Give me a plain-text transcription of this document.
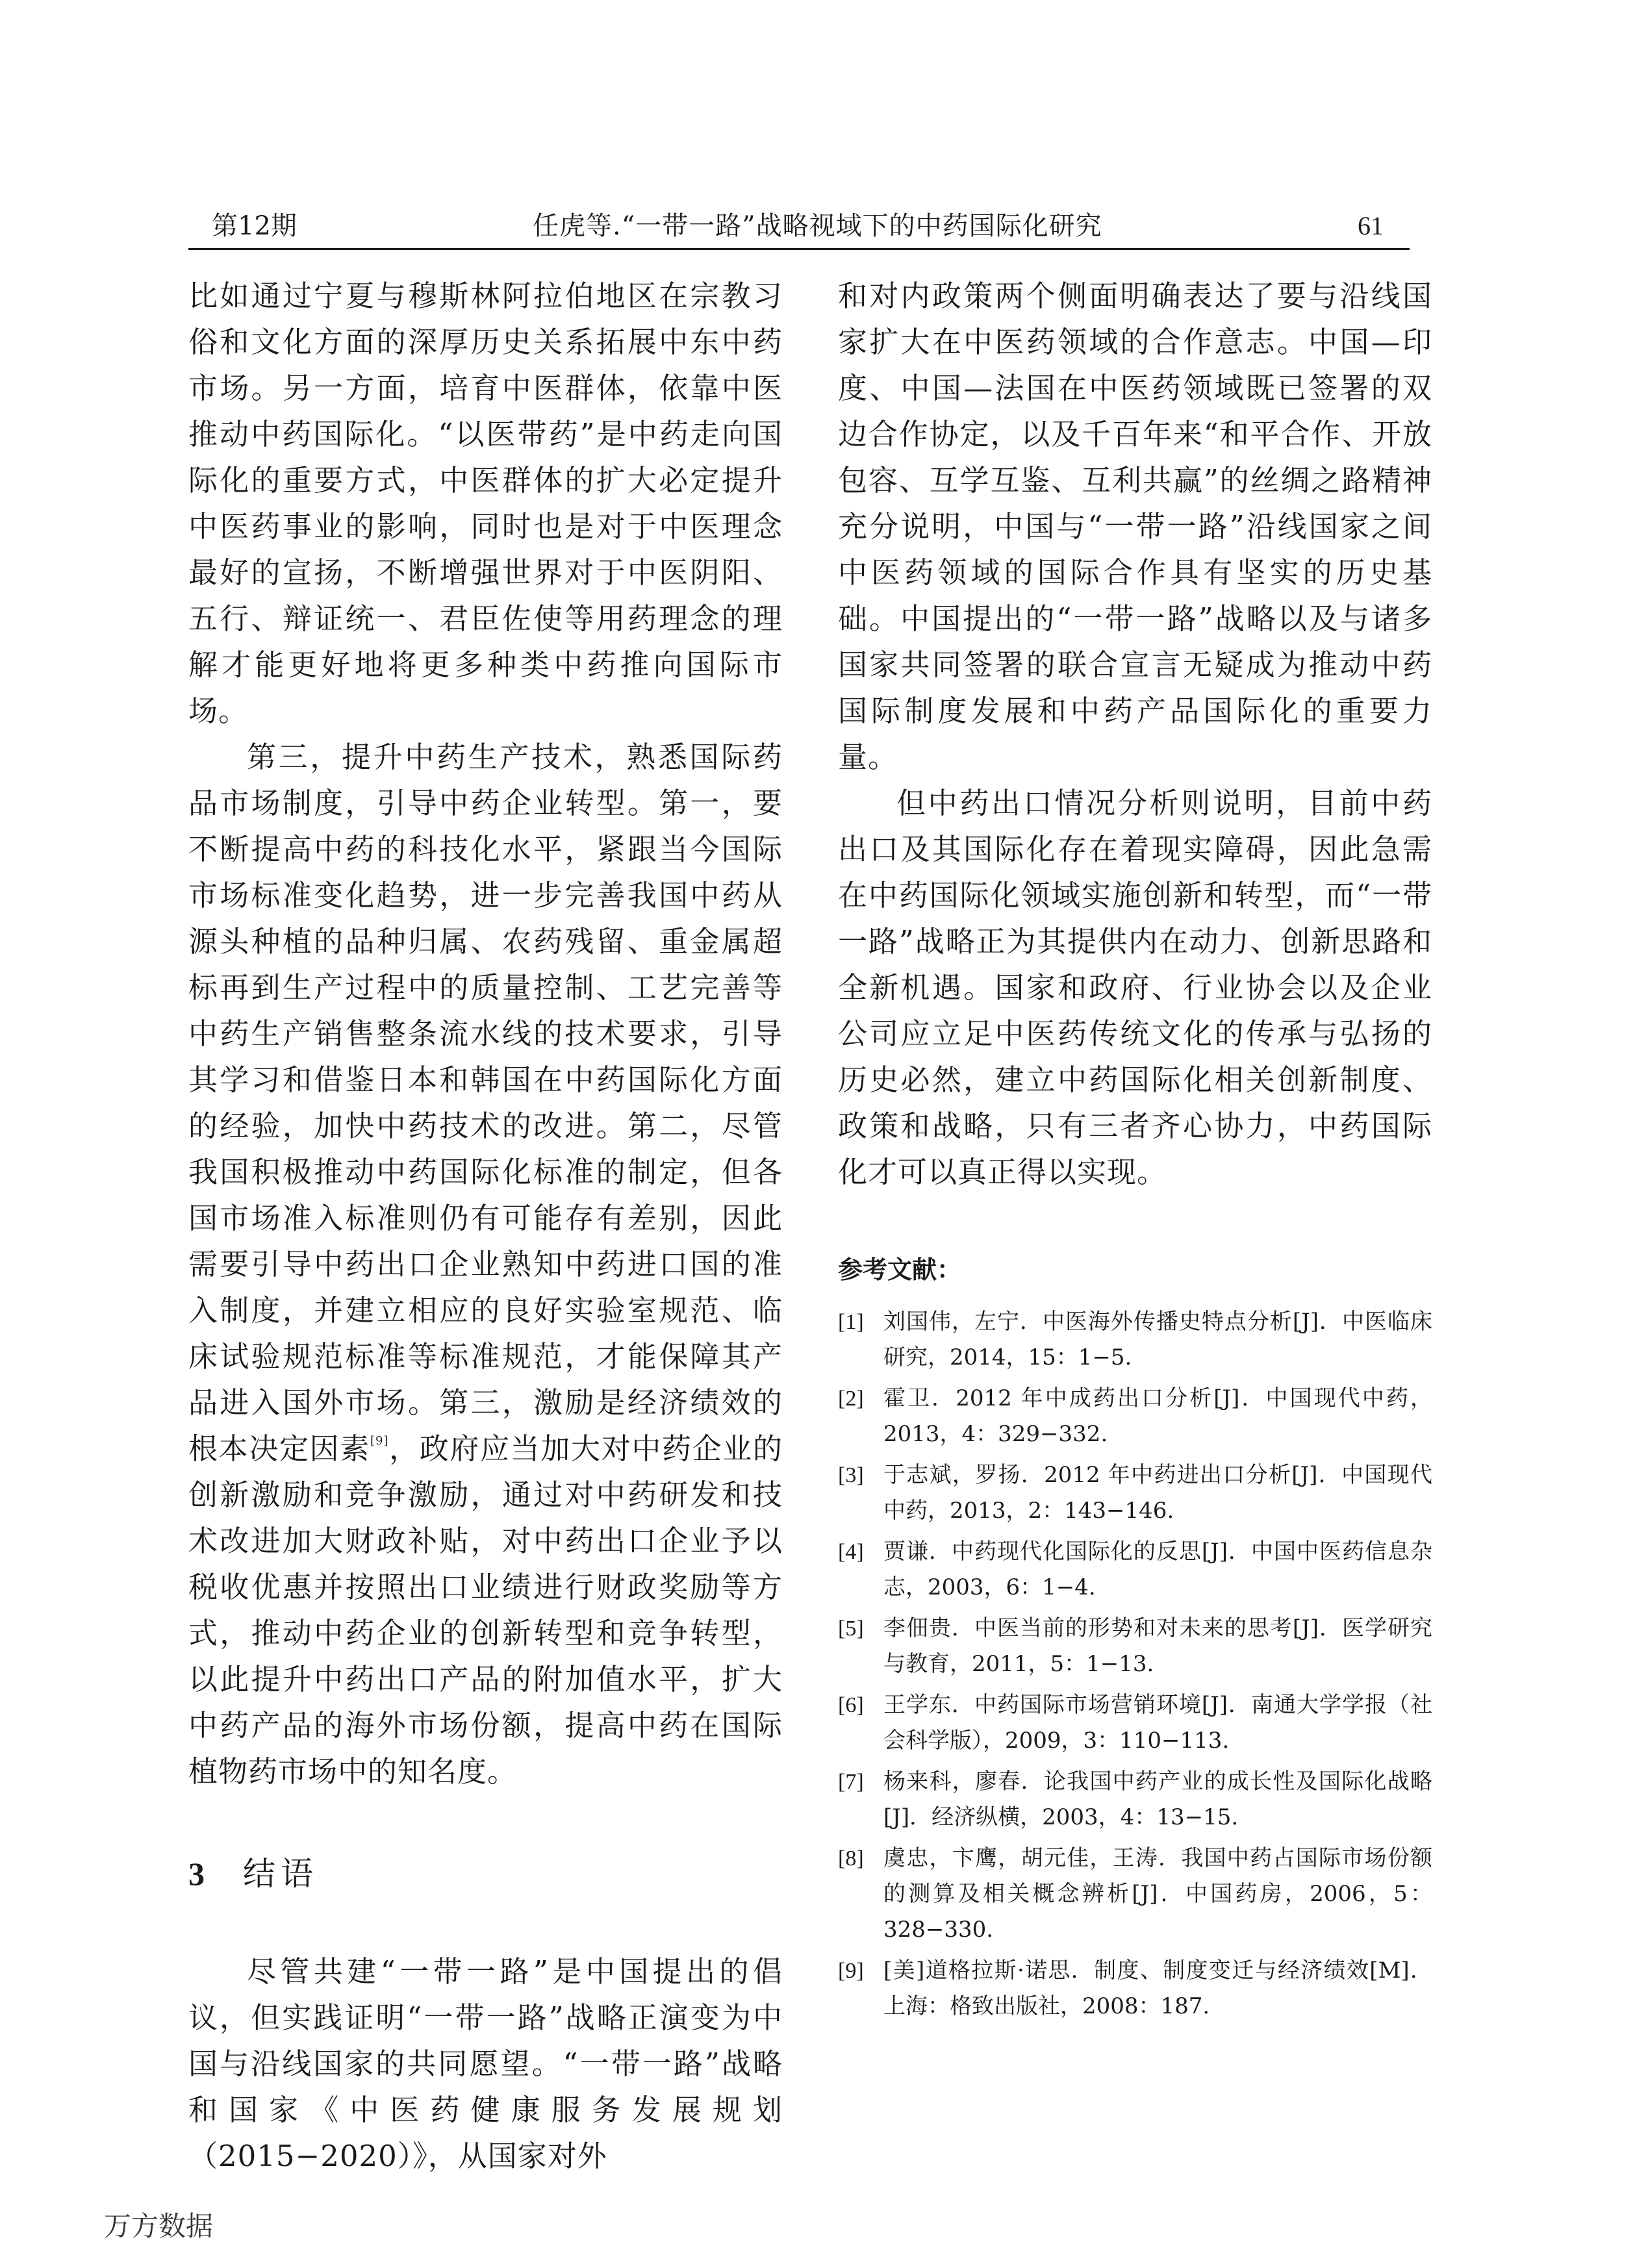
第12期	任虎等.“一带一路”战略视域下的中药国际化研究	61

比如通过宁夏与穆斯林阿拉伯地区在宗教习俗和文化方面的深厚历史关系拓展中东中药市场。另一方面，培育中医群体，依靠中医推动中药国际化。“以医带药”是中药走向国际化的重要方式，中医群体的扩大必定提升中医药事业的影响，同时也是对于中医理念最好的宣扬，不断增强世界对于中医阴阳、五行、辩证统一、君臣佐使等用药理念的理解才能更好地将更多种类中药推向国际市场。

第三，提升中药生产技术，熟悉国际药品市场制度，引导中药企业转型。第一，要不断提高中药的科技化水平，紧跟当今国际市场标准变化趋势，进一步完善我国中药从源头种植的品种归属、农药残留、重金属超标再到生产过程中的质量控制、工艺完善等中药生产销售整条流水线的技术要求，引导其学习和借鉴日本和韩国在中药国际化方面的经验，加快中药技术的改进。第二，尽管我国积极推动中药国际化标准的制定，但各国市场准入标准则仍有可能存有差别，因此需要引导中药出口企业熟知中药进口国的准入制度，并建立相应的良好实验室规范、临床试验规范标准等标准规范，才能保障其产品进入国外市场。第三，激励是经济绩效的根本决定因素[9]，政府应当加大对中药企业的创新激励和竞争激励，通过对中药研发和技术改进加大财政补贴，对中药出口企业予以税收优惠并按照出口业绩进行财政奖励等方式，推动中药企业的创新转型和竞争转型，以此提升中药出口产品的附加值水平，扩大中药产品的海外市场份额，提高中药在国际植物药市场中的知名度。

3 结语

尽管共建“一带一路”是中国提出的倡议，但实践证明“一带一路”战略正演变为中国与沿线国家的共同愿望。“一带一路”战略和国家《中医药健康服务发展规划（2015−2020）》，从国家对外

和对内政策两个侧面明确表达了要与沿线国家扩大在中医药领域的合作意志。中国—印度、中国—法国在中医药领域既已签署的双边合作协定，以及千百年来“和平合作、开放包容、互学互鉴、互利共赢”的丝绸之路精神充分说明，中国与“一带一路”沿线国家之间中医药领域的国际合作具有坚实的历史基础。中国提出的“一带一路”战略以及与诸多国家共同签署的联合宣言无疑成为推动中药国际制度发展和中药产品国际化的重要力量。

但中药出口情况分析则说明，目前中药出口及其国际化存在着现实障碍，因此急需在中药国际化领域实施创新和转型，而“一带一路”战略正为其提供内在动力、创新思路和全新机遇。国家和政府、行业协会以及企业公司应立足中医药传统文化的传承与弘扬的历史必然，建立中药国际化相关创新制度、政策和战略，只有三者齐心协力，中药国际化才可以真正得以实现。

参考文献：
[1] 刘国伟，左宁．中医海外传播史特点分析[J]．中医临床研究，2014，15：1−5.
[2] 霍卫．2012 年中成药出口分析[J]．中国现代中药，2013，4：329−332.
[3] 于志斌，罗扬．2012 年中药进出口分析[J]．中国现代中药，2013，2：143−146.
[4] 贾谦．中药现代化国际化的反思[J]．中国中医药信息杂志，2003，6：1−4.
[5] 李佃贵．中医当前的形势和对未来的思考[J]．医学研究与教育，2011，5：1−13.
[6] 王学东．中药国际市场营销环境[J]．南通大学学报（社会科学版），2009，3：110−113.
[7] 杨来科，廖春．论我国中药产业的成长性及国际化战略[J]．经济纵横，2003，4：13−15.
[8] 虞忠，卞鹰，胡元佳，王涛．我国中药占国际市场份额的测算及相关概念辨析[J]．中国药房，2006，5：328−330.
[9] [美]道格拉斯·诺思．制度、制度变迁与经济绩效[M]．上海：格致出版社，2008：187.
万方数据
